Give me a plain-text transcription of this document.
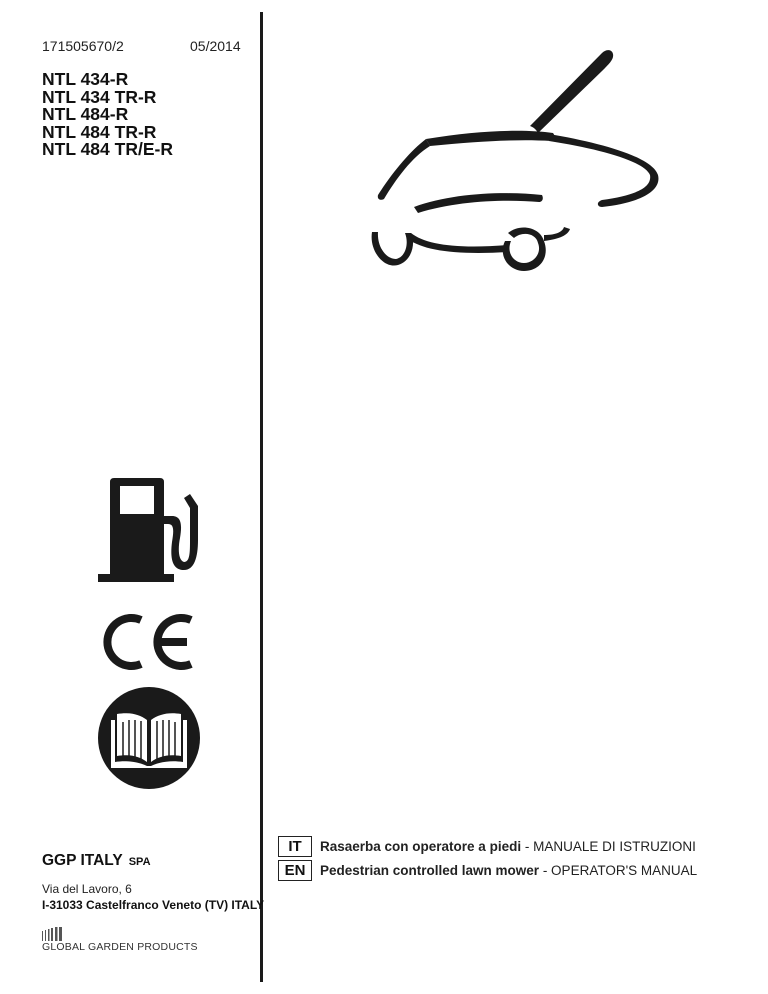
171505670/2	05/2014
NTL 434-R
NTL 434 TR-R
NTL 484-R
NTL 484 TR-R
NTL 484 TR/E-R
GGP ITALY SPA
Via del Lavoro, 6
I-31033 Castelfranco Veneto (TV) ITALY
GLOBAL GARDEN PRODUCTS
IT	Rasaerba con operatore a piedi - MANUALE DI ISTRUZIONI
EN	Pedestrian controlled lawn mower - OPERATOR'S MANUAL
